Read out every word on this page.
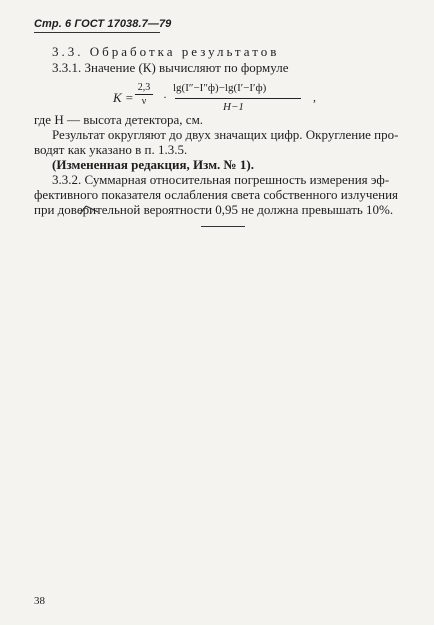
Стр. 6 ГОСТ 17038.7—79
3.3. Обработка результатов
3.3.1. Значение (К) вычисляют по формуле
K =
2,3
ν	·
lg(I″−I″ф)−lg(I′−I′ф)
H−1
,
где Н — высота детектора, см.
Результат округляют до двух значащих цифр. Округление про-
водят как указано в п. 1.3.5.
(Измененная редакция, Изм. № 1).
3.3.2. Суммарная относительная погрешность измерения эф-
фективного показателя ослабления света собственного излучения
при доверительной вероятности 0,95 не должна превышать 10%.
38
